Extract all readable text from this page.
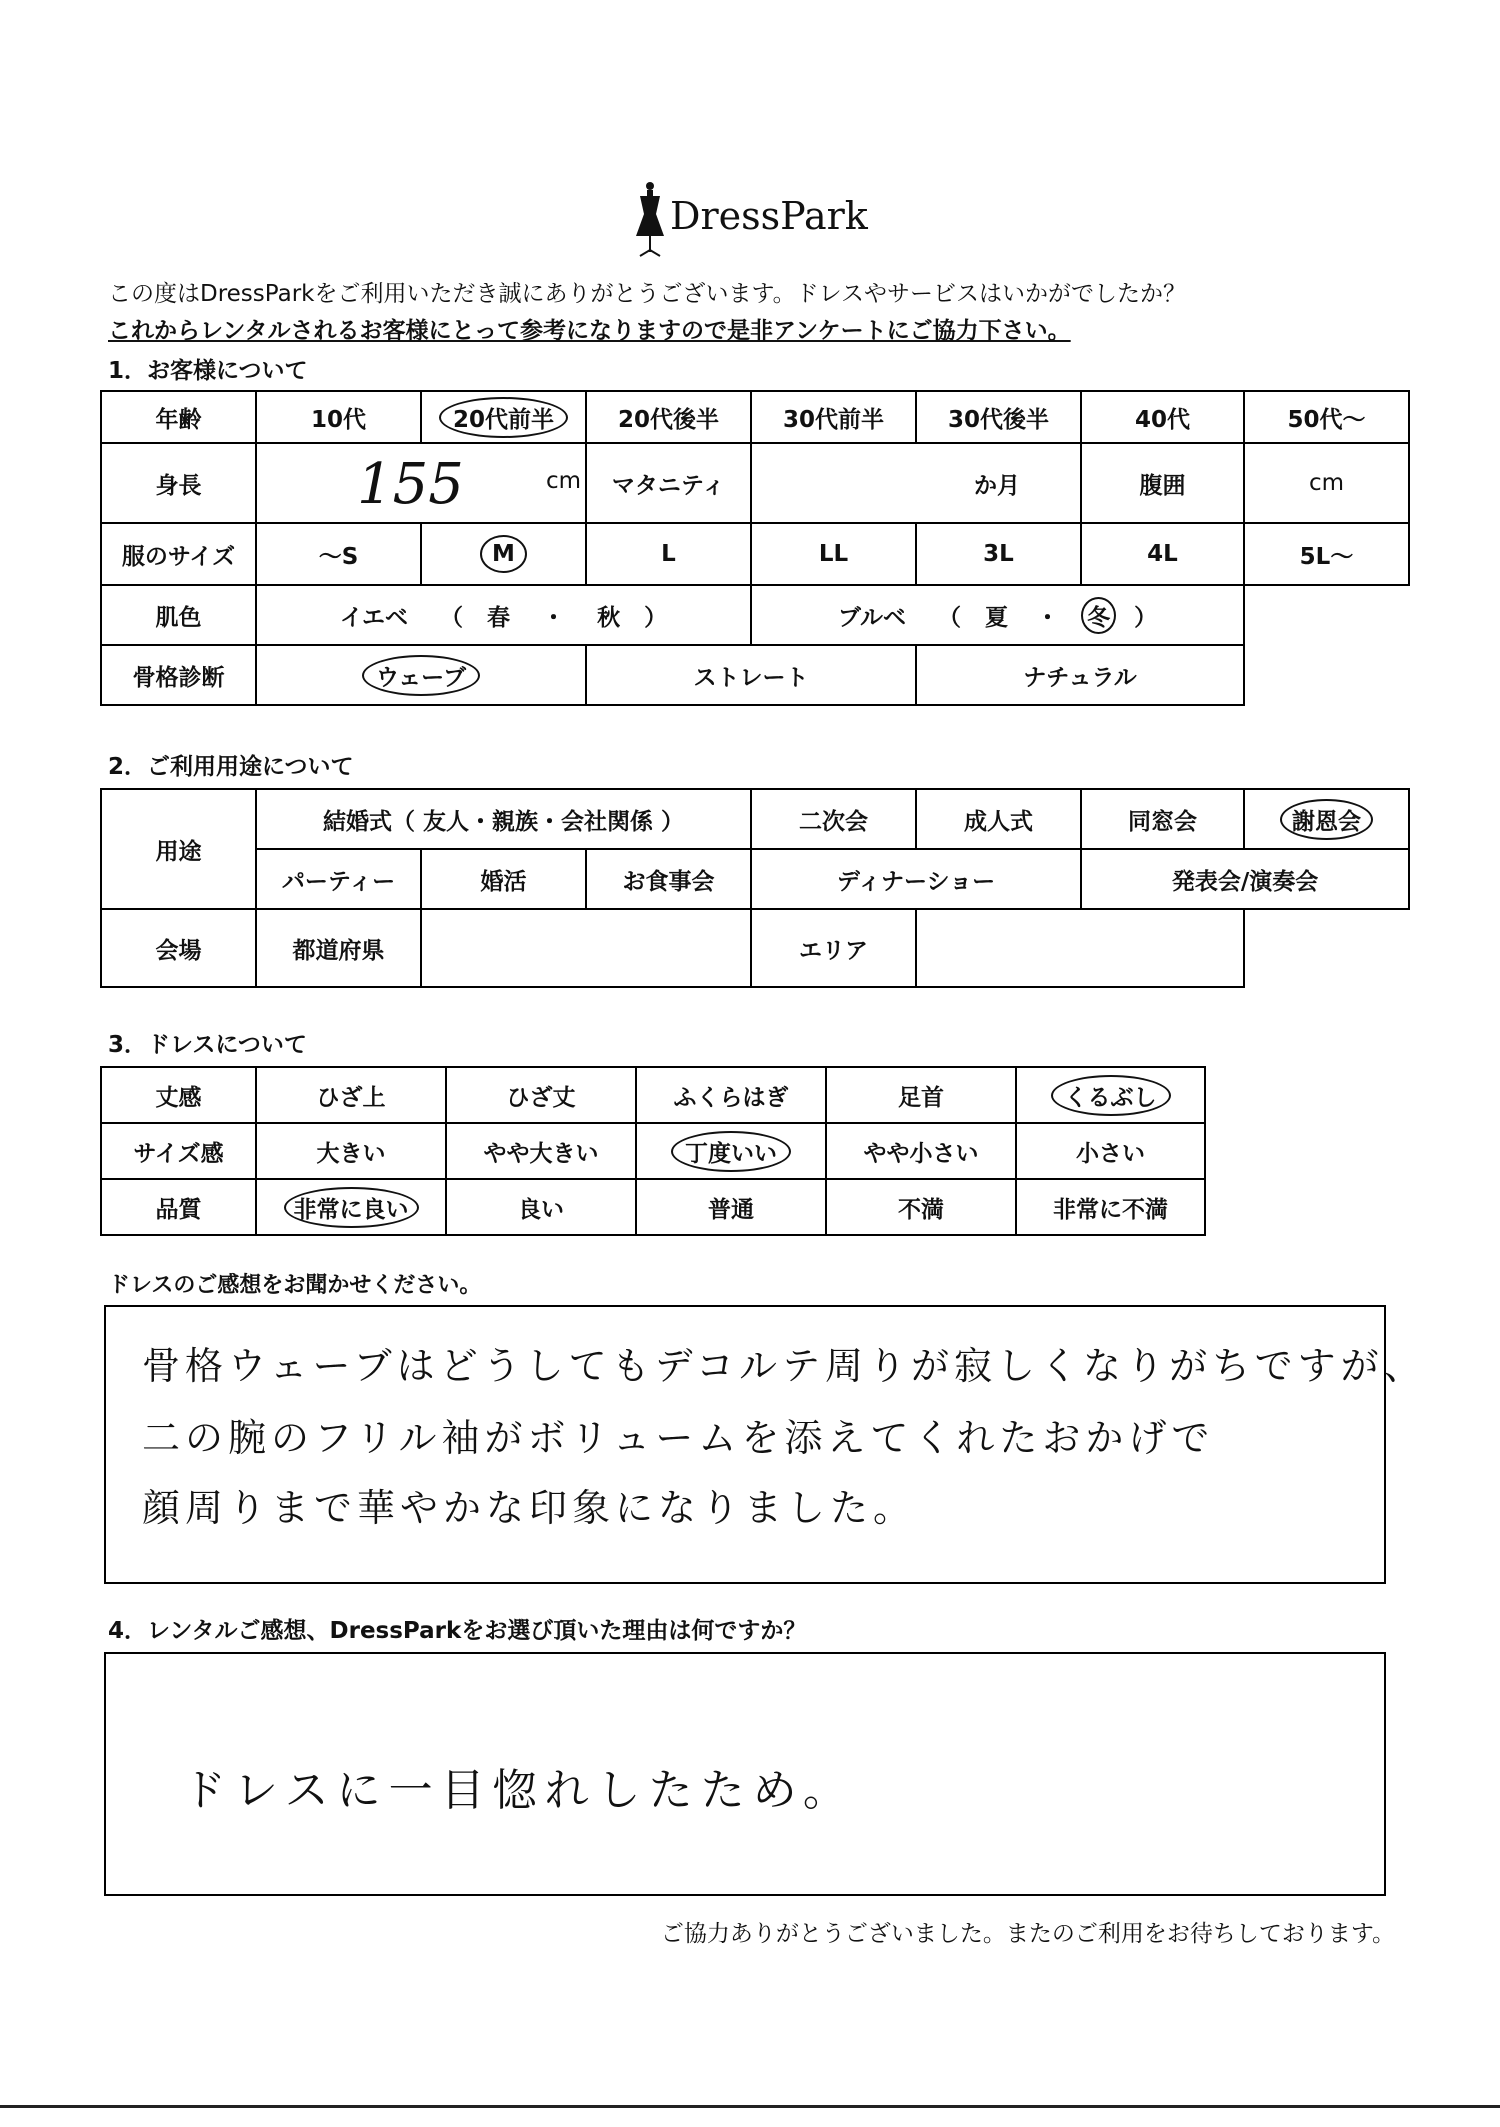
DressPark
この度はDressParkをご利用いただき誠にありがとうございます。ドレスやサービスはいかがでしたか？
これからレンタルされるお客様にとって参考になりますので是非アンケートにご協力下さい。
1．お客様について
年齢	10代	20代前半	20代後半	30代前半	30代後半	40代	50代～
身長	155 cm		マタニティ	か月		腹囲	cm
服のサイズ	～S	M	L	LL	3L	4L	5L～
肌色	イエベ （ 春 ・ 秋 ）			ブルベ （ 夏 ・ 冬 ）			
骨格診断	ウェーブ		ストレート		ナチュラル		
2．ご利用用途について
用途	結婚式（ 友人・親族・会社関係 ）			二次会	成人式	同窓会	謝恩会
	パーティー	婚活	お食事会	ディナーショー		発表会/演奏会	
会場	都道府県			エリア			
3．ドレスについて
丈感	ひざ上	ひざ丈	ふくらはぎ	足首	くるぶし
サイズ感	大きい	やや大きい	丁度いい	やや小さい	小さい
品質	非常に良い	良い	普通	不満	非常に不満
ドレスのご感想をお聞かせください。
骨格ウェーブはどうしてもデコルテ周りが寂しくなりがちですが、
二の腕のフリル袖がボリュームを添えてくれたおかげで
顔周りまで華やかな印象になりました。
4．レンタルご感想、DressParkをお選び頂いた理由は何ですか？
ドレスに一目惚れしたため。
ご協力ありがとうございました。またのご利用をお待ちしております。
